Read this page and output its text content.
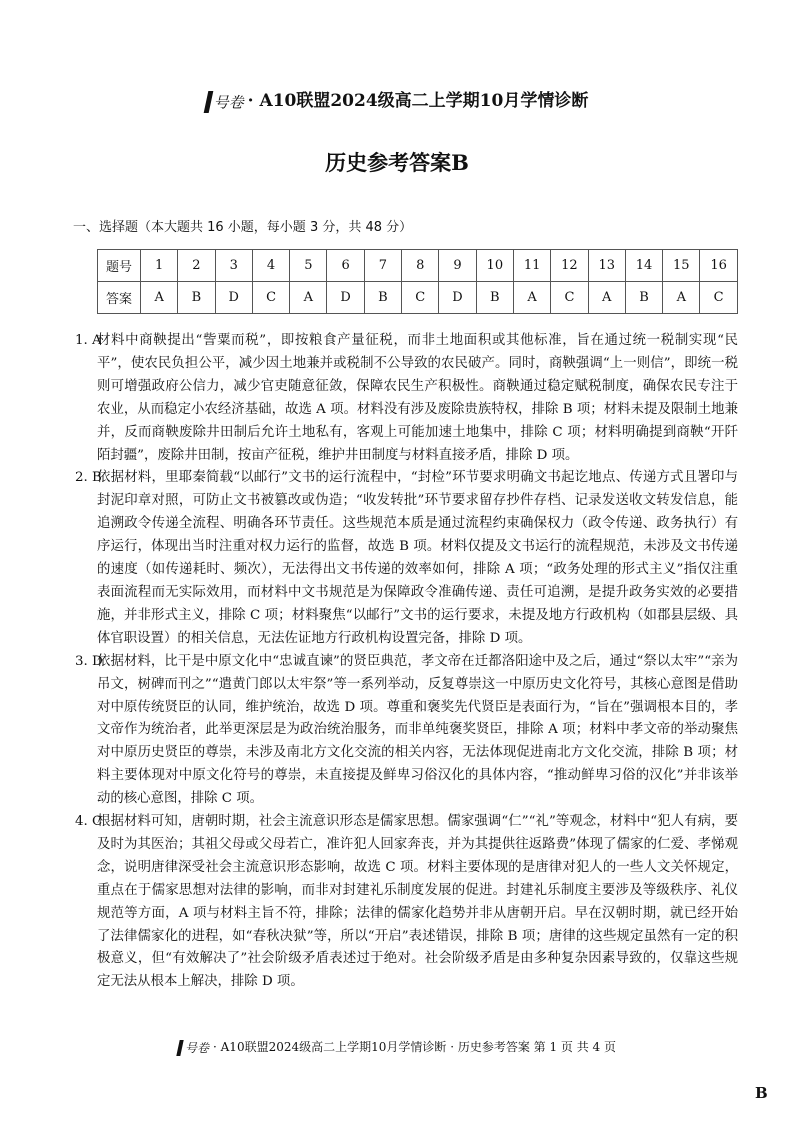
号卷 · A10联盟2024级高二上学期10月学情诊断
历史参考答案B
一、选择题（本大题共 16 小题，每小题 3 分，共 48 分）
题号	1	2	3	4	5	6	7	8	9	10	11	12	13	14	15	16
答案	A	B	D	C	A	D	B	C	D	B	A	C	A	B	A	C
1. A
材料中商鞅提出“訾粟而税”，即按粮食产量征税，而非土地面积或其他标准，旨在通过统一税制实现“民平”，使农民负担公平，减少因土地兼并或税制不公导致的农民破产。同时，商鞅强调“上一则信”，即统一税则可增强政府公信力，减少官吏随意征敛，保障农民生产积极性。商鞅通过稳定赋税制度，确保农民专注于农业，从而稳定小农经济基础，故选 A 项。材料没有涉及废除贵族特权，排除 B 项；材料未提及限制土地兼并，反而商鞅废除井田制后允许土地私有，客观上可能加速土地集中，排除 C 项；材料明确提到商鞅“开阡陌封疆”，废除井田制，按亩产征税，维护井田制度与材料直接矛盾，排除 D 项。
2. B
依据材料，里耶秦简载“以邮行”文书的运行流程中，“封检”环节要求明确文书起讫地点、传递方式且署印与封泥印章对照，可防止文书被篡改或伪造；“收发转批”环节要求留存抄件存档、记录发送收文转发信息，能追溯政令传递全流程、明确各环节责任。这些规范本质是通过流程约束确保权力（政令传递、政务执行）有序运行，体现出当时注重对权力运行的监督，故选 B 项。材料仅提及文书运行的流程规范，未涉及文书传递的速度（如传递耗时、频次），无法得出文书传递的效率如何，排除 A 项；“政务处理的形式主义”指仅注重表面流程而无实际效用，而材料中文书规范是为保障政令准确传递、责任可追溯，是提升政务实效的必要措施，并非形式主义，排除 C 项；材料聚焦“以邮行”文书的运行要求，未提及地方行政机构（如郡县层级、具体官职设置）的相关信息，无法佐证地方行政机构设置完备，排除 D 项。
3. D
依据材料，比干是中原文化中“忠诚直谏”的贤臣典范，孝文帝在迁都洛阳途中及之后，通过“祭以太牢”“亲为吊文，树碑而刊之”“遣黄门郎以太牢祭”等一系列举动，反复尊崇这一中原历史文化符号，其核心意图是借助对中原传统贤臣的认同，维护统治，故选 D 项。尊重和褒奖先代贤臣是表面行为，“旨在”强调根本目的，孝文帝作为统治者，此举更深层是为政治统治服务，而非单纯褒奖贤臣，排除 A 项；材料中孝文帝的举动聚焦对中原历史贤臣的尊崇，未涉及南北方文化交流的相关内容，无法体现促进南北方文化交流，排除 B 项；材料主要体现对中原文化符号的尊崇，未直接提及鲜卑习俗汉化的具体内容，“推动鲜卑习俗的汉化”并非该举动的核心意图，排除 C 项。
4. C
根据材料可知，唐朝时期，社会主流意识形态是儒家思想。儒家强调“仁”“礼”等观念，材料中“犯人有病，要及时为其医治；其祖父母或父母若亡，准许犯人回家奔丧，并为其提供往返路费”体现了儒家的仁爱、孝悌观念，说明唐律深受社会主流意识形态影响，故选 C 项。材料主要体现的是唐律对犯人的一些人文关怀规定，重点在于儒家思想对法律的影响，而非对封建礼乐制度发展的促进。封建礼乐制度主要涉及等级秩序、礼仪规范等方面，A 项与材料主旨不符，排除；法律的儒家化趋势并非从唐朝开启。早在汉朝时期，就已经开始了法律儒家化的进程，如“春秋决狱”等，所以“开启”表述错误，排除 B 项；唐律的这些规定虽然有一定的积极意义，但“有效解决了”社会阶级矛盾表述过于绝对。社会阶级矛盾是由多种复杂因素导致的，仅靠这些规定无法从根本上解决，排除 D 项。
号卷 · A10联盟2024级高二上学期10月学情诊断 · 历史参考答案 第 1 页 共 4 页
B
